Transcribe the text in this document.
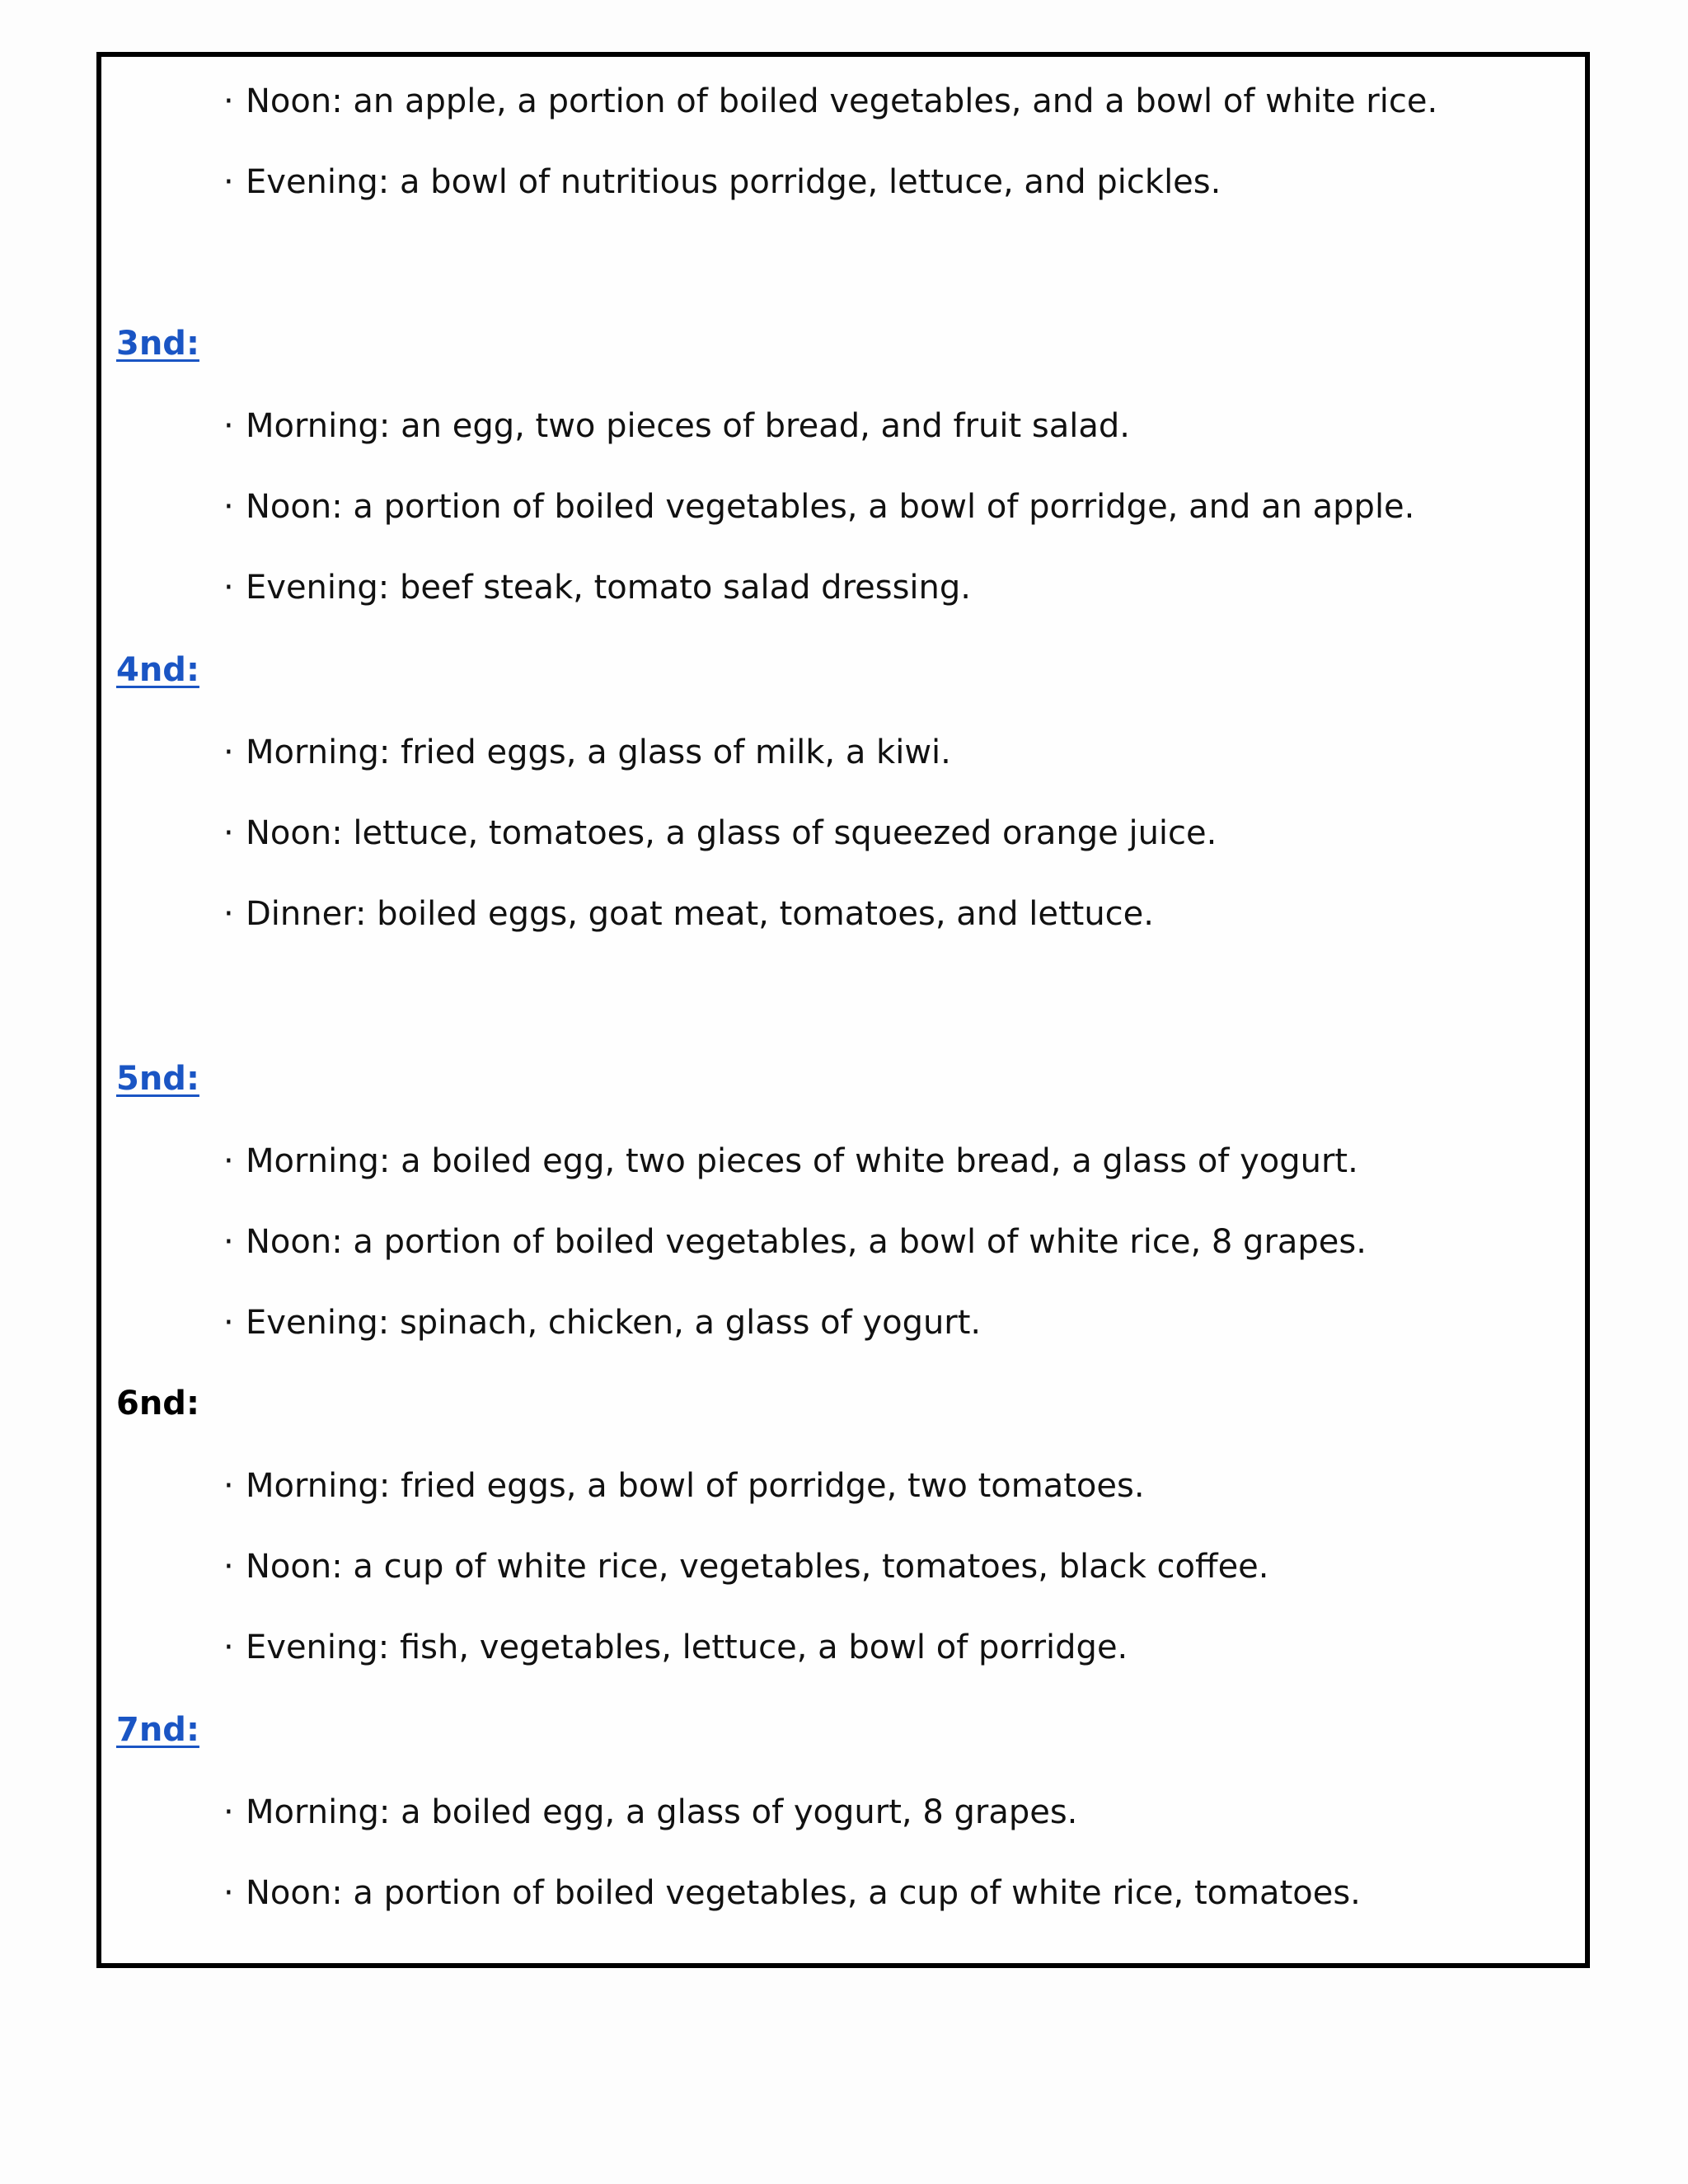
· Noon: an apple, a portion of boiled vegetables, and a bowl of white rice.
· Evening: a bowl of nutritious porridge, lettuce, and pickles.
3nd:
· Morning: an egg, two pieces of bread, and fruit salad.
· Noon: a portion of boiled vegetables, a bowl of porridge, and an apple.
· Evening: beef steak, tomato salad dressing.
4nd:
· Morning: fried eggs, a glass of milk, a kiwi.
· Noon: lettuce, tomatoes, a glass of squeezed orange juice.
· Dinner: boiled eggs, goat meat, tomatoes, and lettuce.
5nd:
· Morning: a boiled egg, two pieces of white bread, a glass of yogurt.
· Noon: a portion of boiled vegetables, a bowl of white rice, 8 grapes.
· Evening: spinach, chicken, a glass of yogurt.
6nd:
· Morning: fried eggs, a bowl of porridge, two tomatoes.
· Noon: a cup of white rice, vegetables, tomatoes, black coffee.
· Evening: fish, vegetables, lettuce, a bowl of porridge.
7nd:
· Morning: a boiled egg, a glass of yogurt, 8 grapes.
· Noon: a portion of boiled vegetables, a cup of white rice, tomatoes.
